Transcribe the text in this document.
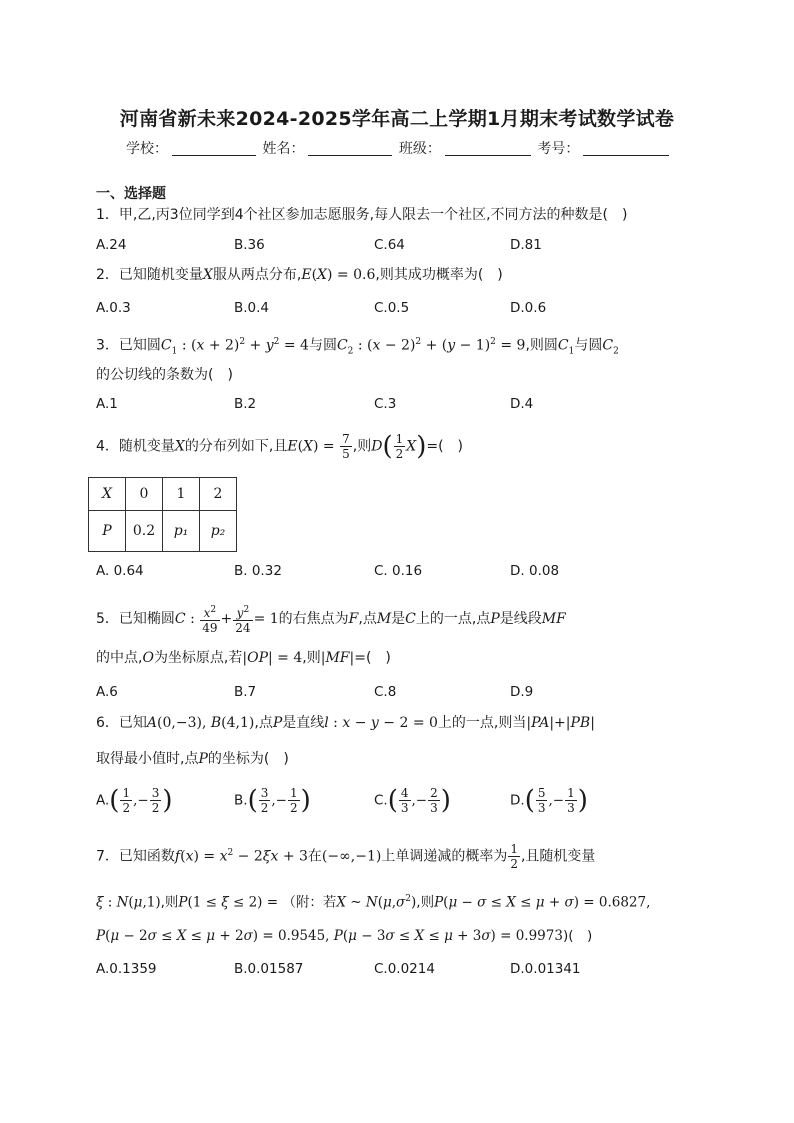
河南省新未来2024-2025学年高二上学期1月期末考试数学试卷
学校：	姓名：	班级：	考号：
一、选择题
1．甲,乙,丙3位同学到4个社区参加志愿服务,每人限去一个社区,不同方法的种数是(　)
A.24	B.36	C.64	D.81
2．已知随机变量X服从两点分布,E(X) = 0.6,则其成功概率为(　)
A.0.3	B.0.4	C.0.5	D.0.6
3．已知圆$C_1$ : $(x + 2)^2 + y^2 = 4$与圆$C_2$ : $(x - 2)^2 + (y - 1)^2 = 9$,则圆$C_1$与圆$C_2$
的公切线的条数为(　)
A.1	B.2	C.3	D.4
4．随机变量X的分布列如下,且$E(X) = \frac{7}{5}$ ,则$D( \frac{1}{2} X)=$(　)
X	0	1	2
P	0.2	p₁	p₂
A. 0.64	B. 0.32	C. 0.16	D. 0.08
5．已知椭圆C : $\frac{x^2}{49} + \frac{y^2}{24} = 1$的右焦点为F,点M是C上的一点,点P是线段MF
的中点,O为坐标原点,若|OP| = 4,则|MF|=(　)
A.6	B.7	C.8	D.9
6．已知A(0,−3), B(4,1),点P是直线l : x − y − 2 = 0上的一点,则当|PA|+|PB|
取得最小值时,点P的坐标为(　)
$A.( \frac{1}{2}$ ,− $\frac{3}{2}$ )	$B.( \frac{3}{2}$ ,− $\frac{1}{2}$ )	$C.( \frac{4}{3}$ ,− $\frac{2}{3}$ )	$D.( \frac{5}{3}$ ,− $\frac{1}{3}$ )
7．已知函数$f(x) = x^2 - 2\xi x + 3$在(−∞,−1)上单调递减的概率为 $\frac{1}{2}$ ,且随机变量
ξ : N(μ,1),则P(1 ≤ ξ ≤ 2) = （附：若X ~ $N(\mu,\sigma^2)$,则P(μ − σ ≤ X ≤ μ + σ) = 0.6827,
P(μ − 2σ ≤ X ≤ μ + 2σ) = 0.9545, P(μ − 3σ ≤ X ≤ μ + 3σ) = 0.9973)(　)
A.0.1359	B.0.01587	C.0.0214	D.0.01341
